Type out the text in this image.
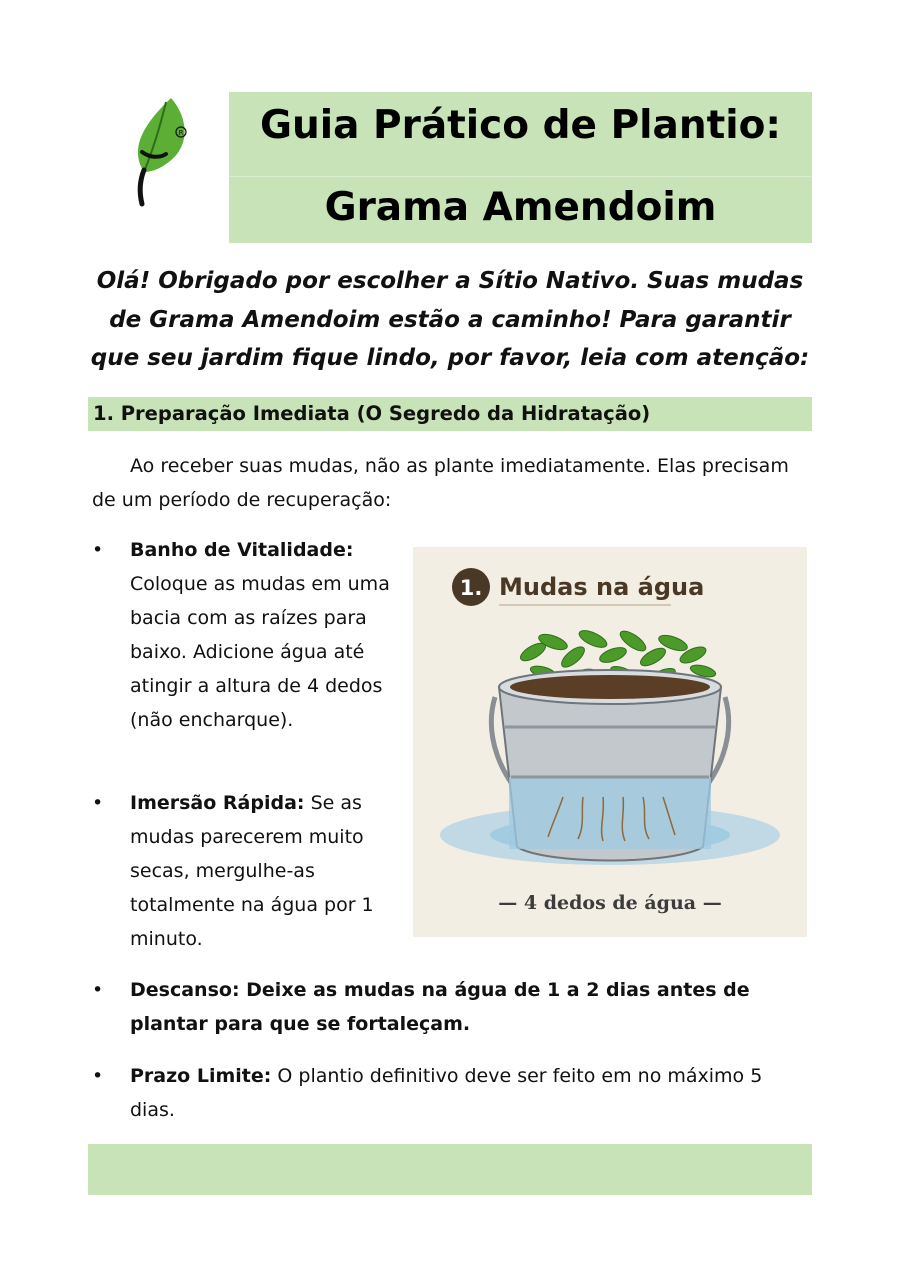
R	Guia Prático de Plantio:
Grama Amendoim
Olá! Obrigado por escolher a Sítio Nativo. Suas mudas de Grama Amendoim estão a caminho! Para garantir que seu jardim fique lindo, por favor, leia com atenção:
1. Preparação Imediata (O Segredo da Hidratação)
Ao receber suas mudas, não as plante imediatamente. Elas precisam de um período de recuperação:
•	Banho de Vitalidade: Coloque as mudas em uma bacia com as raízes para baixo. Adicione água até atingir a altura de 4 dedos (não encharque).
•	Imersão Rápida: Se as mudas parecerem muito secas, mergulhe-as totalmente na água por 1 minuto.
•	Descanso: Deixe as mudas na água de 1 a 2 dias antes de plantar para que se fortaleçam.
•	Prazo Limite: O plantio definitivo deve ser feito em no máximo 5 dias.
1. Mudas na água
— 4 dedos de água —
